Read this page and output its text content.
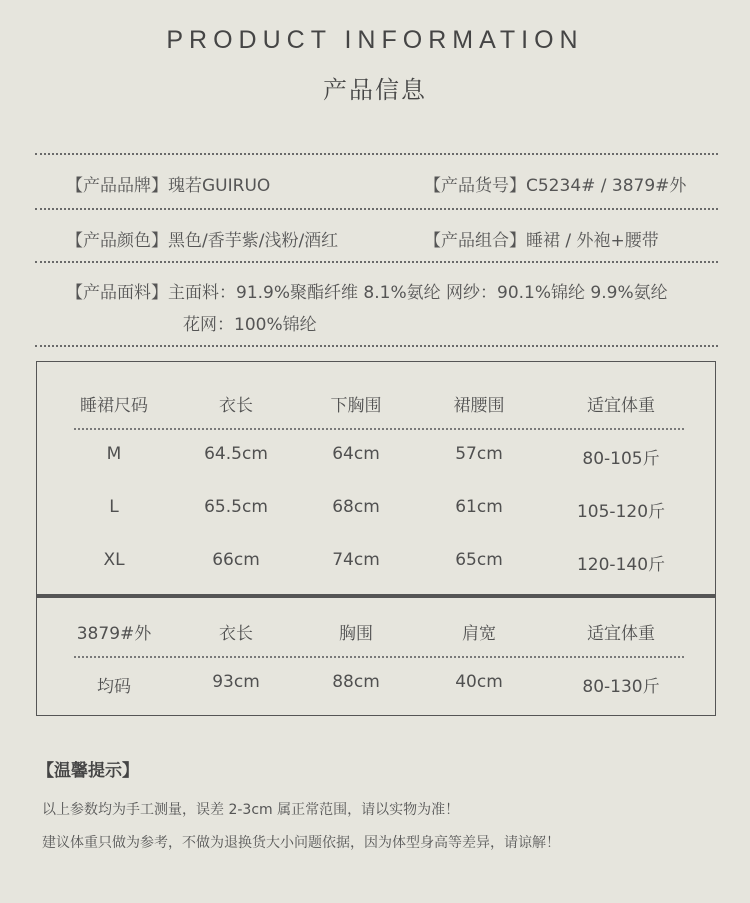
PRODUCT INFORMATION
产品信息
【产品品牌】瑰若GUIRUO	【产品货号】C5234# / 3879#外
【产品颜色】黑色/香芋紫/浅粉/酒红	【产品组合】睡裙 / 外袍+腰带
【产品面料】主面料：91.9%聚酯纤维 8.1%氨纶 网纱：90.1%锦纶 9.9%氨纶
花网：100%锦纶
睡裙尺码	衣长	下胸围	裙腰围	适宜体重
M	64.5cm	64cm	57cm	80-105斤
L	65.5cm	68cm	61cm	105-120斤
XL	66cm	74cm	65cm	120-140斤
3879#外	衣长	胸围	肩宽	适宜体重
均码	93cm	88cm	40cm	80-130斤
【温馨提示】
以上参数均为手工测量，误差 2-3cm 属正常范围，请以实物为准！
建议体重只做为参考，不做为退换货大小问题依据，因为体型身高等差异，请谅解！
